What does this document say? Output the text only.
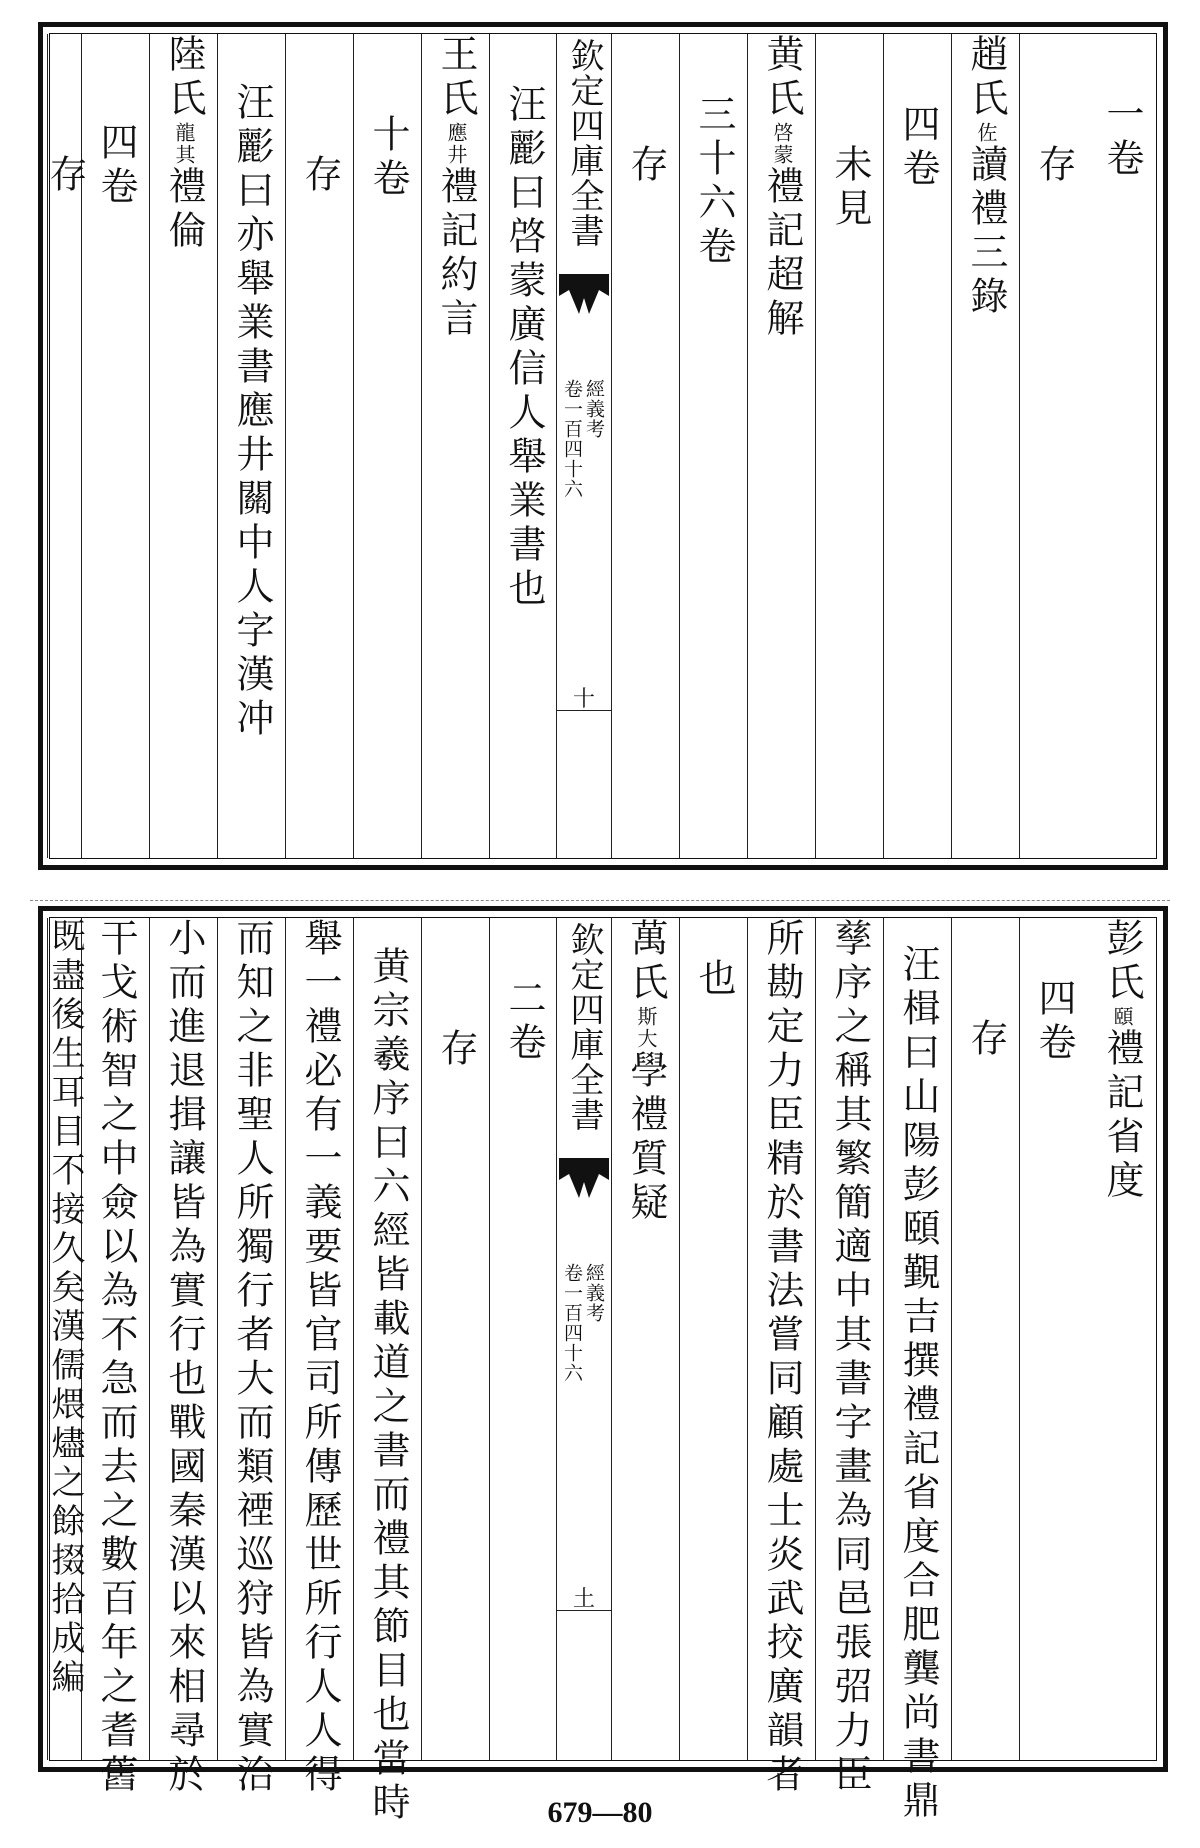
一卷
存
趙氏佐讀禮三錄
四卷
未見
黄氏啓蒙禮記超解
三十六卷
存
欽定四庫全書
經義考
卷一百四十六
十
汪彲曰啓蒙廣信人舉業書也
王氏應井禮記約言
十卷
存
汪彲曰亦舉業書應井關中人字漢冲
陸氏龍其禮倫
四卷
存
彭氏頤禮記省度
四卷
存
汪楫曰山陽彭頤覲吉撰禮記省度合肥龔尚書鼎
孳序之稱其繁簡適中其書字畫為同邑張弨力臣
所勘定力臣精於書法嘗同顧處士炎武挍廣韻者
也
萬氏斯大學禮質疑
欽定四庫全書
經義考
卷一百四十六
土
二卷
存
黄宗羲序曰六經皆載道之書而禮其節目也當時
舉一禮必有一義要皆官司所傳歷世所行人人得
而知之非聖人所獨行者大而類禋巡狩皆為實治
小而進退揖讓皆為實行也戰國秦漢以來相尋於
干戈術智之中僉以為不急而去之數百年之耆舊
既盡後生耳目不接久矣漢儒煨燼之餘掇拾成編
679—80
